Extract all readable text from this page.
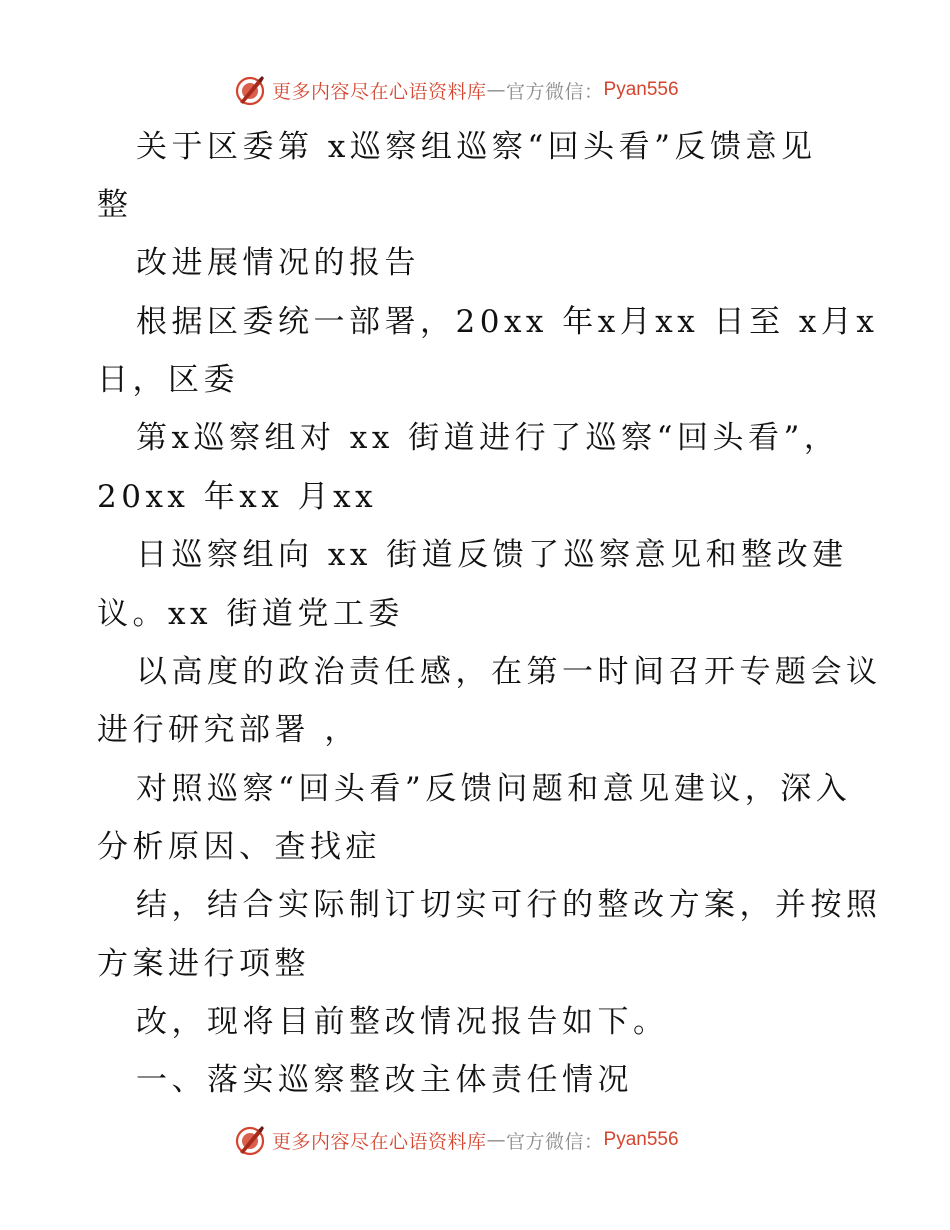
更多内容尽在心语资料库 — 官方微信： Pyan556
关于区委第 x巡察组巡察“回头看”反馈意见
整
改进展情况的报告
根据区委统一部署，20xx 年x月xx 日至 x月x
日，区委
第x巡察组对 xx 街道进行了巡察“回头看”，
20xx 年xx 月xx
日巡察组向 xx 街道反馈了巡察意见和整改建
议。xx 街道党工委
以高度的政治责任感，在第一时间召开专题会议
进行研究部署 ，
对照巡察“回头看”反馈问题和意见建议，深入
分析原因、查找症
结，结合实际制订切实可行的整改方案，并按照
方案进行项整
改，现将目前整改情况报告如下。
一、落实巡察整改主体责任情况
更多内容尽在心语资料库 — 官方微信： Pyan556
